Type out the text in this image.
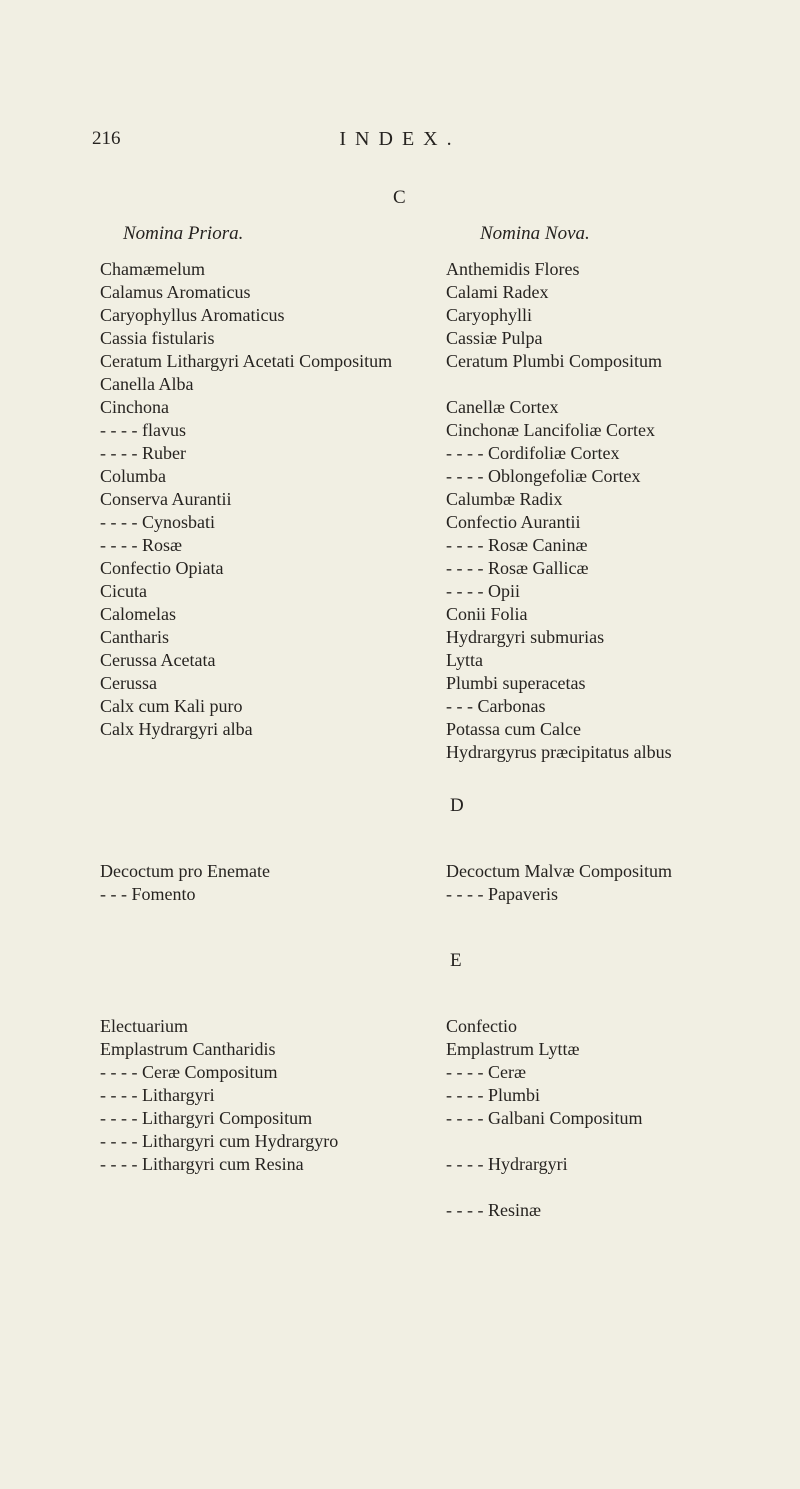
216	INDEX.
C
Nomina Priora.	Nomina Nova.
Chamæmelum
Calamus Aromaticus
Caryophyllus Aromaticus
Cassia fistularis
Ceratum Lithargyri Acetati Compositum
Canella Alba
Cinchona
- - - - flavus
- - - - Ruber
Columba
Conserva Aurantii
- - - - Cynosbati
- - - - Rosæ
Confectio Opiata
Cicuta
Calomelas
Cantharis
Cerussa Acetata
Cerussa
Calx cum Kali puro
Calx Hydrargyri alba
Anthemidis Flores
Calami Radex
Caryophylli
Cassiæ Pulpa
Ceratum Plumbi Compositum

Canellæ Cortex
Cinchonæ Lancifoliæ Cortex
- - - - Cordifoliæ Cortex
- - - - Oblongefoliæ Cortex
Calumbæ Radix
Confectio Aurantii
- - - - Rosæ Caninæ
- - - - Rosæ Gallicæ
- - - - Opii
Conii Folia
Hydrargyri submurias
Lytta
Plumbi superacetas
- - - Carbonas
Potassa cum Calce
Hydrargyrus præcipitatus albus
D
Decoctum pro Enemate
- - - Fomento
Decoctum Malvæ Compositum
- - - - Papaveris
E
Electuarium
Emplastrum Cantharidis
- - - - Ceræ Compositum
- - - - Lithargyri
- - - - Lithargyri Compositum
- - - - Lithargyri cum Hydrargyro
- - - - Lithargyri cum Resina
Confectio
Emplastrum Lyttæ
- - - - Ceræ
- - - - Plumbi
- - - - Galbani Compositum

- - - - Hydrargyri

- - - - Resinæ
